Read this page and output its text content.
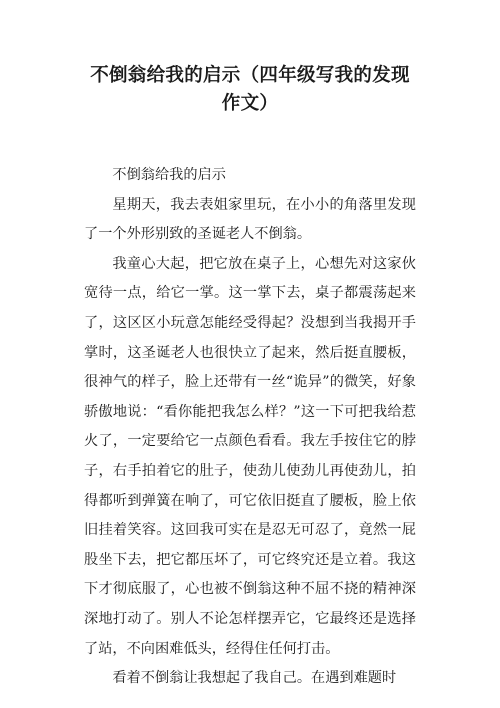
不倒翁给我的启示（四年级写我的发现作文）

不倒翁给我的启示

星期天，我去表姐家里玩，在小小的角落里发现了一个外形别致的圣诞老人不倒翁。

我童心大起，把它放在桌子上，心想先对这家伙宽待一点，给它一掌。这一掌下去，桌子都震荡起来了，这区区小玩意怎能经受得起？没想到当我揭开手掌时，这圣诞老人也很快立了起来，然后挺直腰板，很神气的样子，脸上还带有一丝“诡异”的微笑，好象骄傲地说：“看你能把我怎么样？”这一下可把我给惹火了，一定要给它一点颜色看看。我左手按住它的脖子，右手拍着它的肚子，使劲儿使劲儿再使劲儿，拍得都听到弹簧在响了，可它依旧挺直了腰板，脸上依旧挂着笑容。这回我可实在是忍无可忍了，竟然一屁股坐下去，把它都压坏了，可它终究还是立着。我这下才彻底服了，心也被不倒翁这种不屈不挠的精神深深地打动了。别人不论怎样摆弄它，它最终还是选择了站，不向困难低头，经得住任何打击。

看着不倒翁让我想起了我自己。在遇到难题时
